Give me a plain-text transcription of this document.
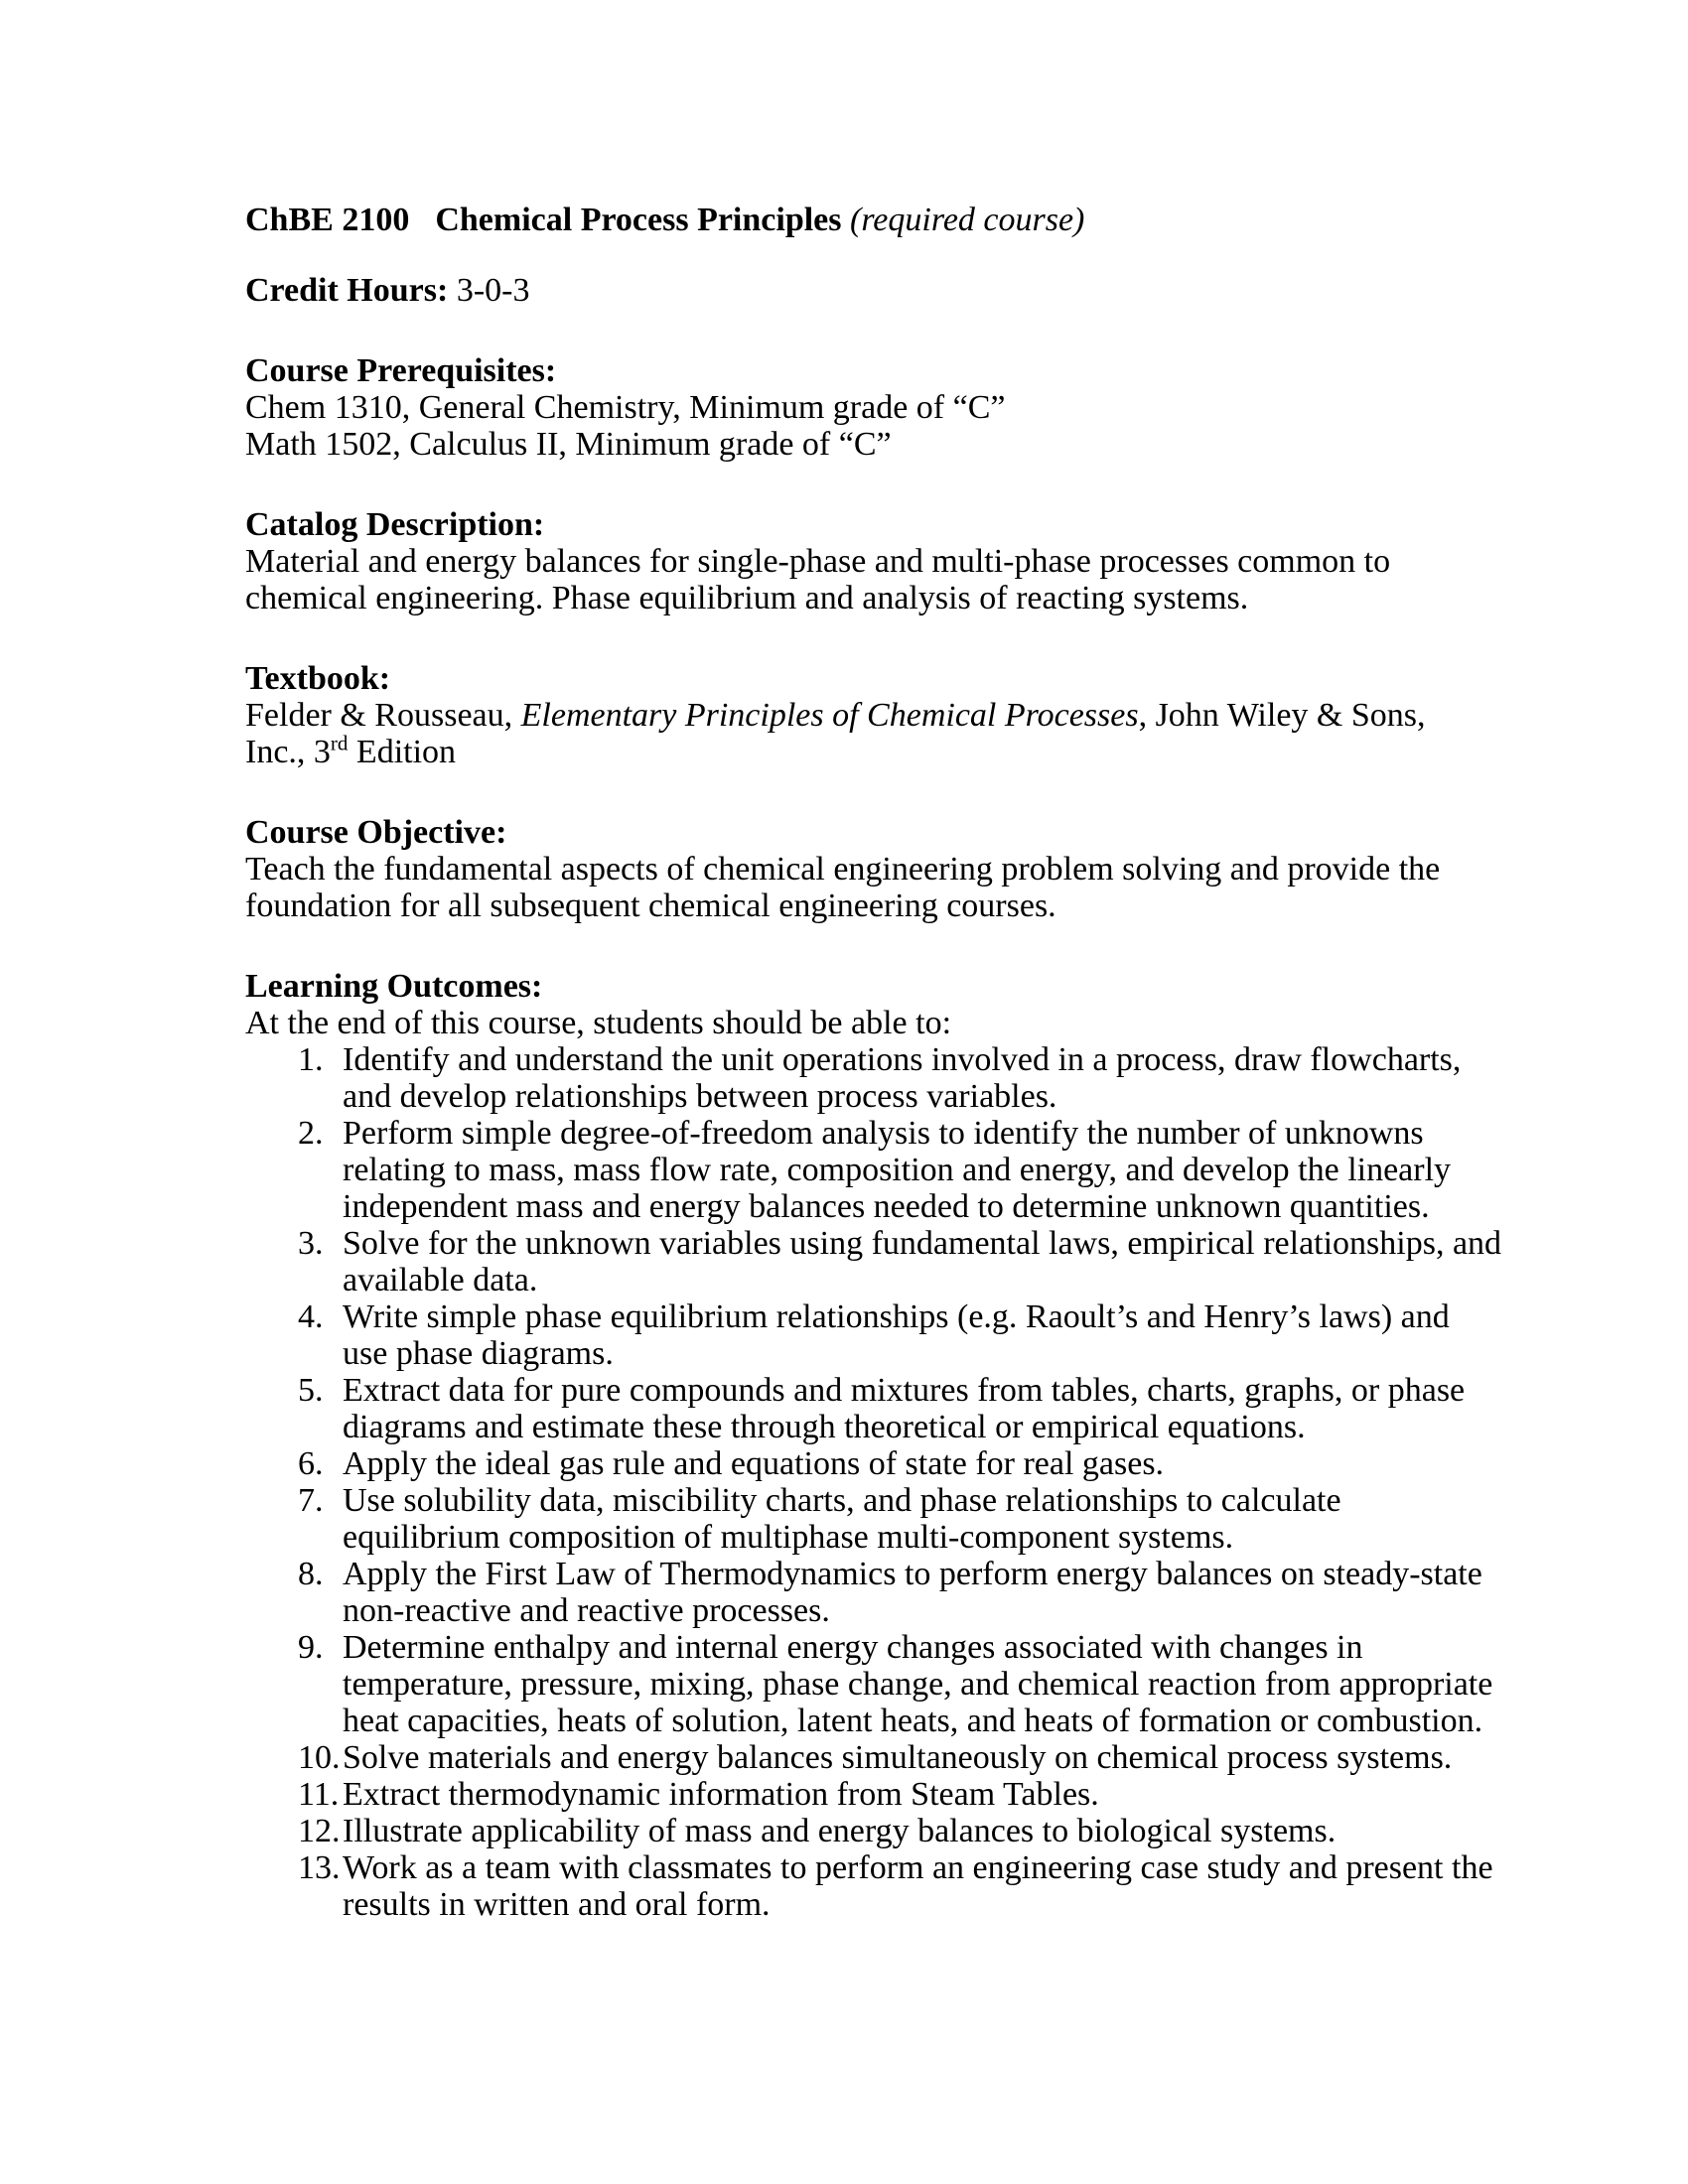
ChBE 2100 Chemical Process Principles (required course)
Credit Hours: 3-0-3
Course Prerequisites:
Chem 1310, General Chemistry, Minimum grade of “C”
Math 1502, Calculus II, Minimum grade of “C”
Catalog Description:
Material and energy balances for single-phase and multi-phase processes common to
chemical engineering. Phase equilibrium and analysis of reacting systems.
Textbook:
Felder & Rousseau, Elementary Principles of Chemical Processes, John Wiley & Sons,
Inc., 3rd Edition
Course Objective:
Teach the fundamental aspects of chemical engineering problem solving and provide the
foundation for all subsequent chemical engineering courses.
Learning Outcomes:
At the end of this course, students should be able to:
1. Identify and understand the unit operations involved in a process, draw flowcharts,
and develop relationships between process variables.
2. Perform simple degree-of-freedom analysis to identify the number of unknowns
relating to mass, mass flow rate, composition and energy, and develop the linearly
independent mass and energy balances needed to determine unknown quantities.
3. Solve for the unknown variables using fundamental laws, empirical relationships, and
available data.
4. Write simple phase equilibrium relationships (e.g. Raoult’s and Henry’s laws) and
use phase diagrams.
5. Extract data for pure compounds and mixtures from tables, charts, graphs, or phase
diagrams and estimate these through theoretical or empirical equations.
6. Apply the ideal gas rule and equations of state for real gases.
7. Use solubility data, miscibility charts, and phase relationships to calculate
equilibrium composition of multiphase multi-component systems.
8. Apply the First Law of Thermodynamics to perform energy balances on steady-state
non-reactive and reactive processes.
9. Determine enthalpy and internal energy changes associated with changes in
temperature, pressure, mixing, phase change, and chemical reaction from appropriate
heat capacities, heats of solution, latent heats, and heats of formation or combustion.
10. Solve materials and energy balances simultaneously on chemical process systems.
11. Extract thermodynamic information from Steam Tables.
12. Illustrate applicability of mass and energy balances to biological systems.
13. Work as a team with classmates to perform an engineering case study and present the
results in written and oral form.
